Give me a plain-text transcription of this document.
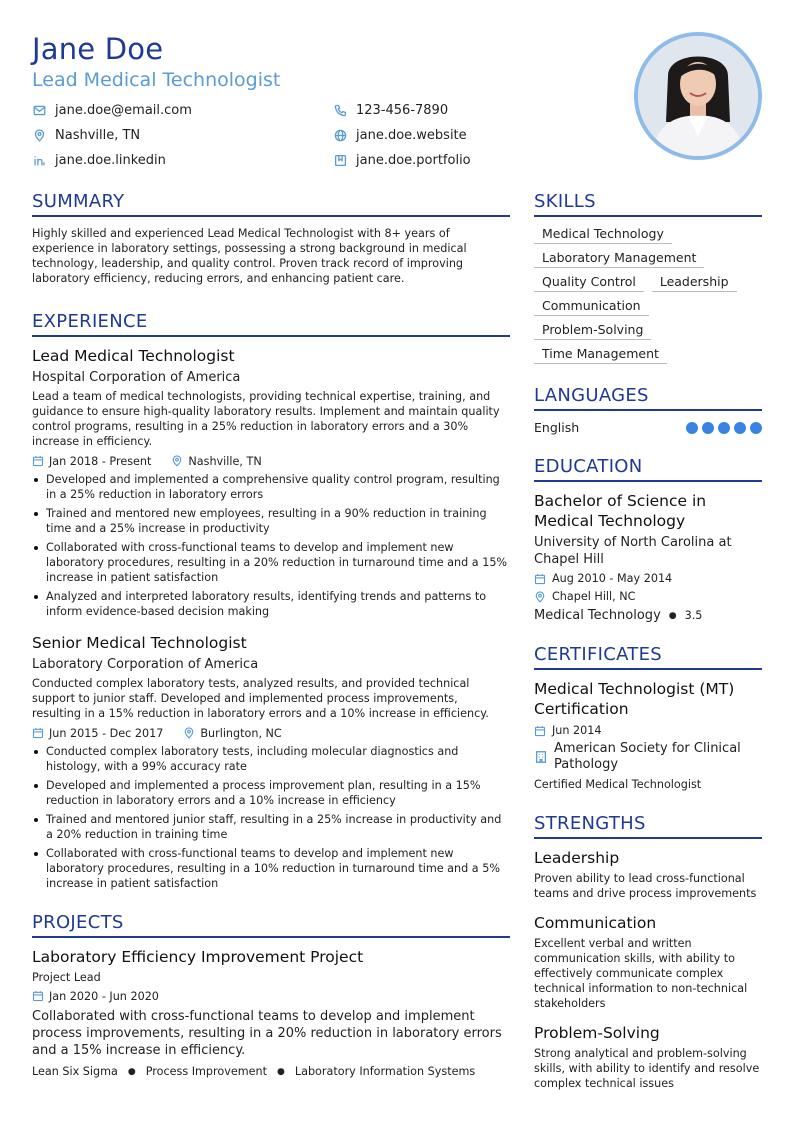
Jane Doe
Lead Medical Technologist
jane.doe@email.com	123-456-7890
Nashville, TN	jane.doe.website
jane.doe.linkedin	jane.doe.portfolio
SUMMARY
Highly skilled and experienced Lead Medical Technologist with 8+ years of experience in laboratory settings, possessing a strong background in medical technology, leadership, and quality control. Proven track record of improving laboratory efficiency, reducing errors, and enhancing patient care.
EXPERIENCE
Lead Medical Technologist
Hospital Corporation of America
Lead a team of medical technologists, providing technical expertise, training, and guidance to ensure high-quality laboratory results. Implement and maintain quality control programs, resulting in a 25% reduction in laboratory errors and a 30% increase in efficiency.
Jan 2018 - Present	Nashville, TN
Developed and implemented a comprehensive quality control program, resulting in a 25% reduction in laboratory errors
Trained and mentored new employees, resulting in a 90% reduction in training time and a 25% increase in productivity
Collaborated with cross-functional teams to develop and implement new laboratory procedures, resulting in a 20% reduction in turnaround time and a 15% increase in patient satisfaction
Analyzed and interpreted laboratory results, identifying trends and patterns to inform evidence-based decision making
Senior Medical Technologist
Laboratory Corporation of America
Conducted complex laboratory tests, analyzed results, and provided technical support to junior staff. Developed and implemented process improvements, resulting in a 15% reduction in laboratory errors and a 10% increase in efficiency.
Jun 2015 - Dec 2017	Burlington, NC
Conducted complex laboratory tests, including molecular diagnostics and histology, with a 99% accuracy rate
Developed and implemented a process improvement plan, resulting in a 15% reduction in laboratory errors and a 10% increase in efficiency
Trained and mentored junior staff, resulting in a 25% increase in productivity and a 20% reduction in training time
Collaborated with cross-functional teams to develop and implement new laboratory procedures, resulting in a 10% reduction in turnaround time and a 5% increase in patient satisfaction
PROJECTS
Laboratory Efficiency Improvement Project
Project Lead
Jan 2020 - Jun 2020
Collaborated with cross-functional teams to develop and implement process improvements, resulting in a 20% reduction in laboratory errors and a 15% increase in efficiency.
Lean Six Sigma ● Process Improvement ● Laboratory Information Systems
SKILLS
Medical Technology
Laboratory Management
Quality Control	Leadership
Communication
Problem-Solving
Time Management
LANGUAGES
English
EDUCATION
Bachelor of Science in Medical Technology
University of North Carolina at Chapel Hill
Aug 2010 - May 2014
Chapel Hill, NC
Medical Technology ● 3.5
CERTIFICATES
Medical Technologist (MT) Certification
Jun 2014
American Society for Clinical Pathology
Certified Medical Technologist
STRENGTHS
Leadership
Proven ability to lead cross-functional teams and drive process improvements
Communication
Excellent verbal and written communication skills, with ability to effectively communicate complex technical information to non-technical stakeholders
Problem-Solving
Strong analytical and problem-solving skills, with ability to identify and resolve complex technical issues
